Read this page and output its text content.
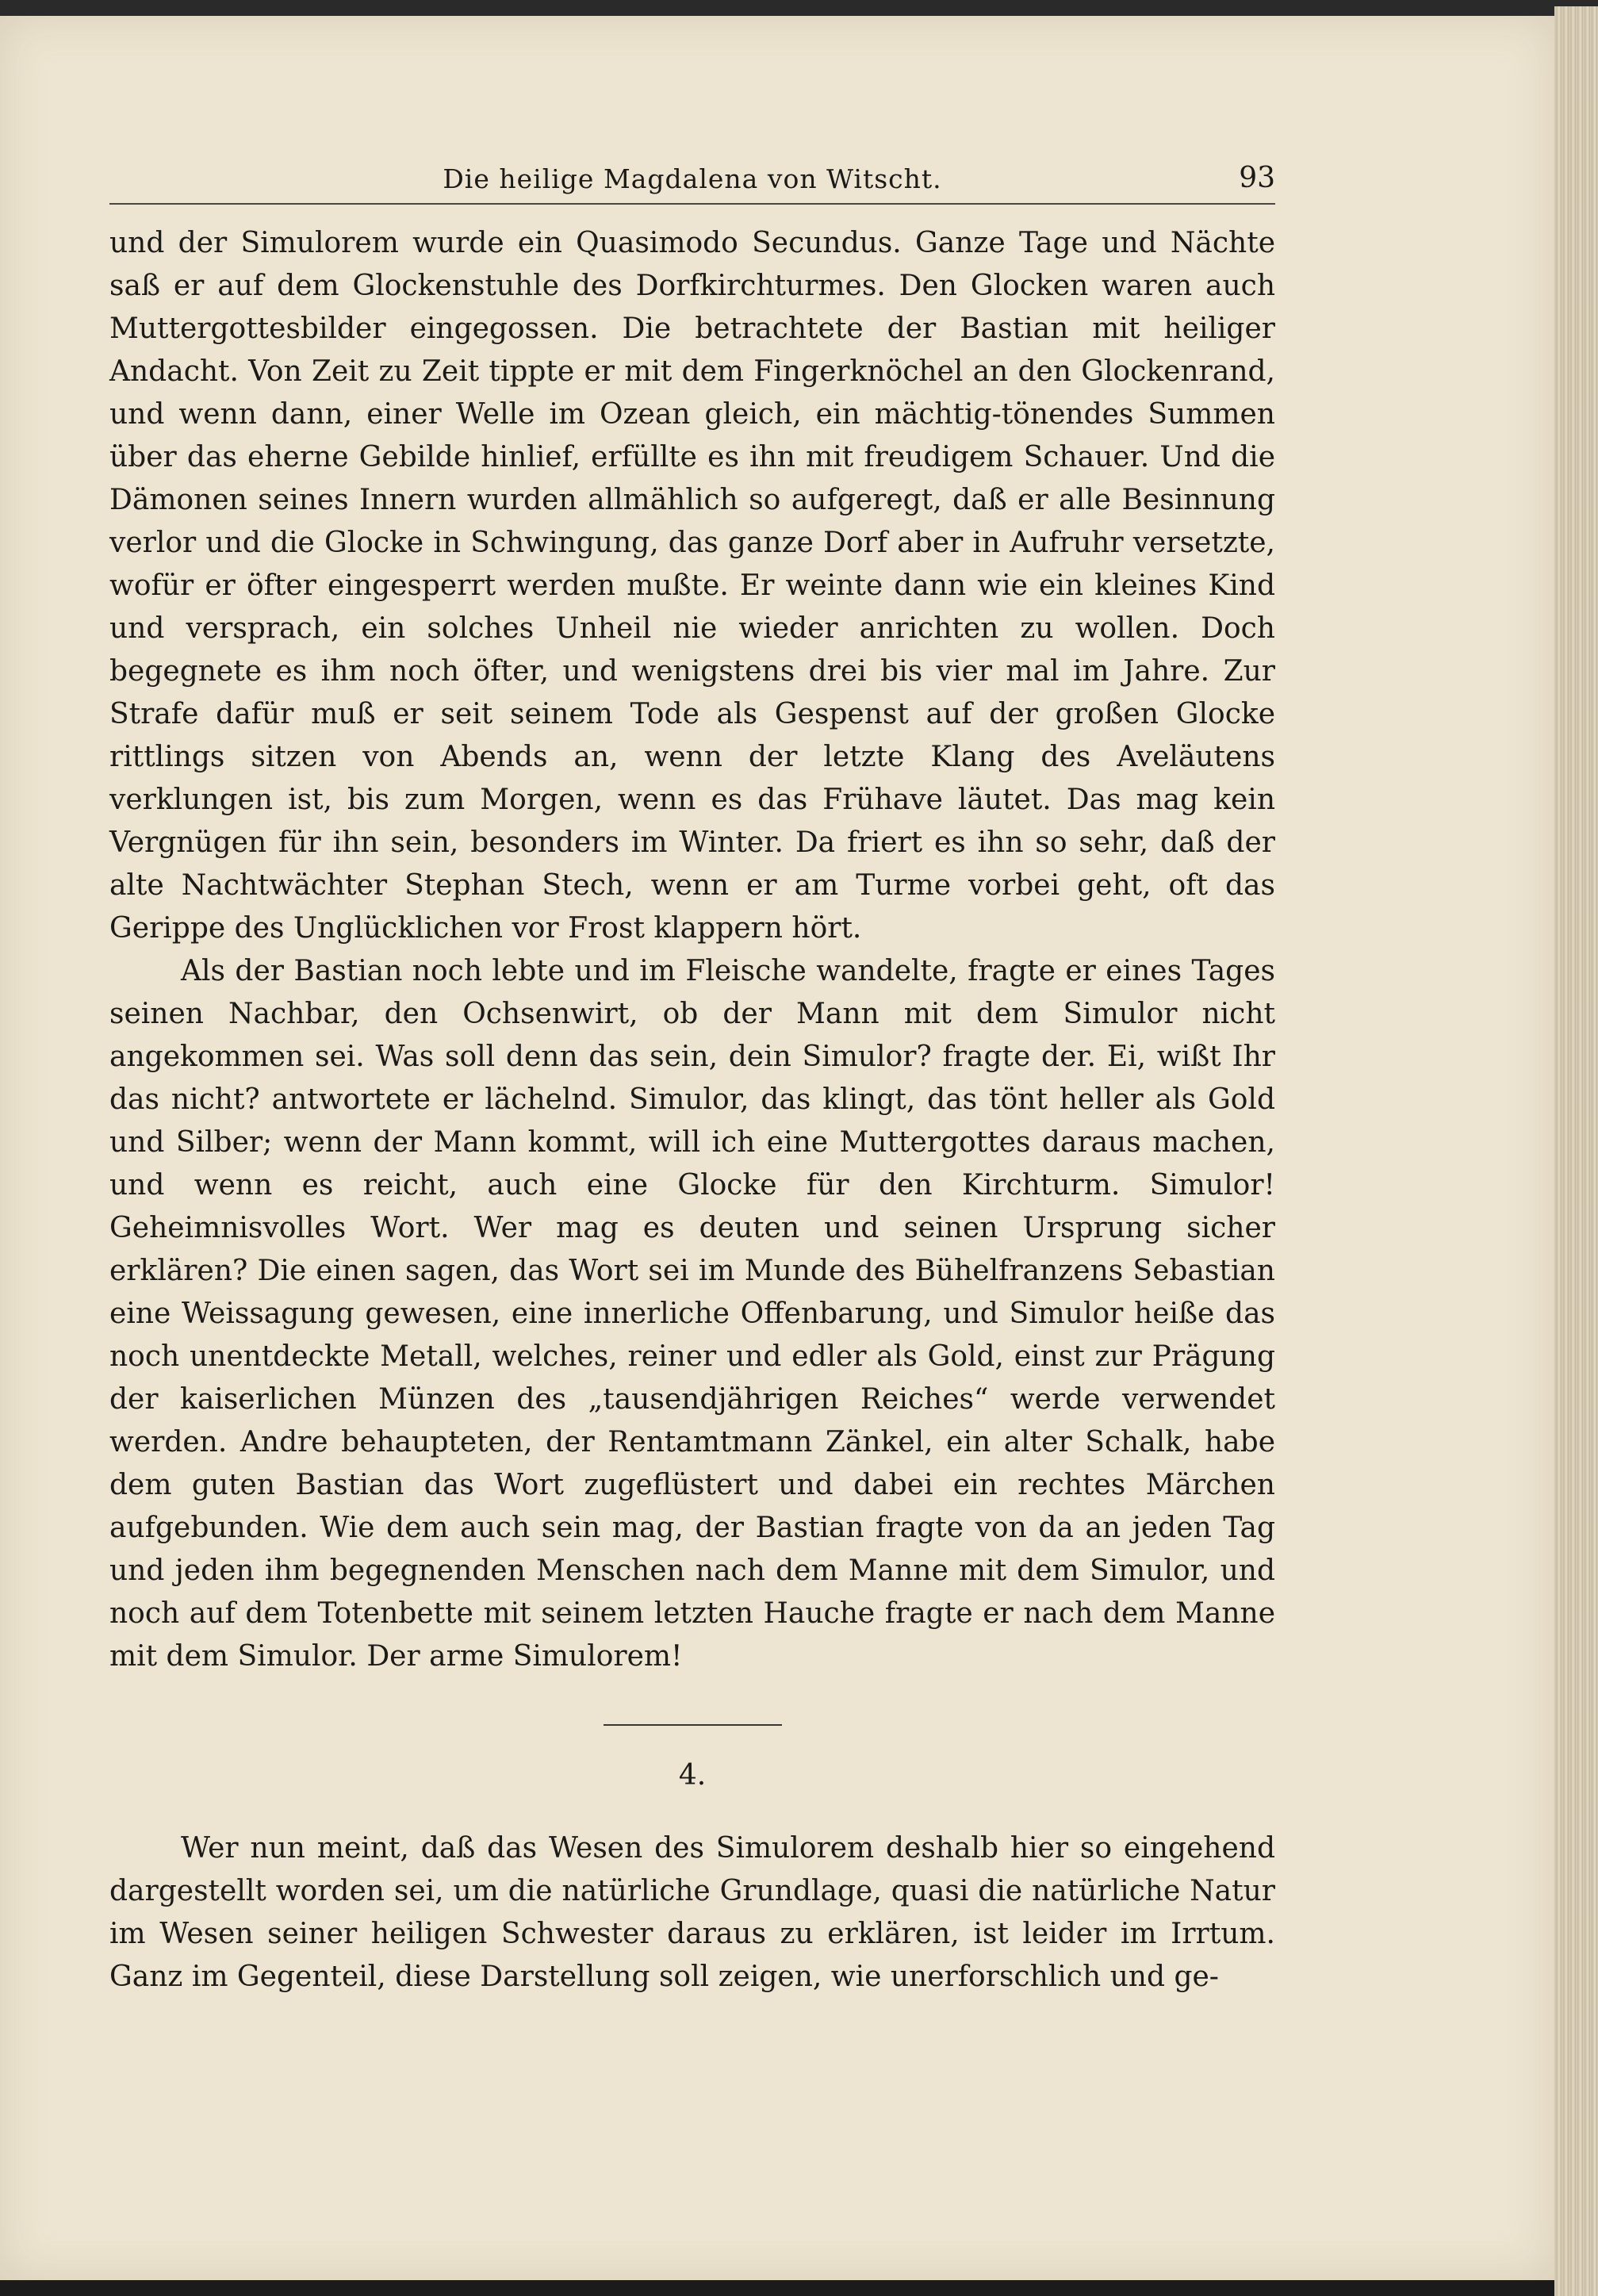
Die heilige Magdalena von Witscht.	93

und der Simulorem wurde ein Quasimodo Secundus. Ganze Tage und Nächte saß er auf dem Glockenstuhle des Dorfkirchturmes. Den Glocken waren auch Muttergottesbilder eingegossen. Die betrachtete der Bastian mit heiliger Andacht. Von Zeit zu Zeit tippte er mit dem Fingerknöchel an den Glockenrand, und wenn dann, einer Welle im Ozean gleich, ein mächtig-tönendes Summen über das eherne Gebilde hinlief, erfüllte es ihn mit freudigem Schauer. Und die Dämonen seines Innern wurden allmählich so aufgeregt, daß er alle Besinnung verlor und die Glocke in Schwingung, das ganze Dorf aber in Aufruhr versetzte, wofür er öfter eingesperrt werden mußte. Er weinte dann wie ein kleines Kind und versprach, ein solches Unheil nie wieder anrichten zu wollen. Doch begegnete es ihm noch öfter, und wenigstens drei bis vier mal im Jahre. Zur Strafe dafür muß er seit seinem Tode als Gespenst auf der großen Glocke rittlings sitzen von Abends an, wenn der letzte Klang des Aveläutens verklungen ist, bis zum Morgen, wenn es das Frühave läutet. Das mag kein Vergnügen für ihn sein, besonders im Winter. Da friert es ihn so sehr, daß der alte Nachtwächter Stephan Stech, wenn er am Turme vorbei geht, oft das Gerippe des Unglücklichen vor Frost klappern hört.

Als der Bastian noch lebte und im Fleische wandelte, fragte er eines Tages seinen Nachbar, den Ochsenwirt, ob der Mann mit dem Simulor nicht angekommen sei. Was soll denn das sein, dein Simulor? fragte der. Ei, wißt Ihr das nicht? antwortete er lächelnd. Simulor, das klingt, das tönt heller als Gold und Silber; wenn der Mann kommt, will ich eine Muttergottes daraus machen, und wenn es reicht, auch eine Glocke für den Kirchturm. Simulor! Geheimnisvolles Wort. Wer mag es deuten und seinen Ursprung sicher erklären? Die einen sagen, das Wort sei im Munde des Bühelfranzens Sebastian eine Weissagung gewesen, eine innerliche Offenbarung, und Simulor heiße das noch unentdeckte Metall, welches, reiner und edler als Gold, einst zur Prägung der kaiserlichen Münzen des „tausendjährigen Reiches“ werde verwendet werden. Andre behaupteten, der Rentamtmann Zänkel, ein alter Schalk, habe dem guten Bastian das Wort zugeflüstert und dabei ein rechtes Märchen aufgebunden. Wie dem auch sein mag, der Bastian fragte von da an jeden Tag und jeden ihm begegnenden Menschen nach dem Manne mit dem Simulor, und noch auf dem Totenbette mit seinem letzten Hauche fragte er nach dem Manne mit dem Simulor. Der arme Simulorem!

4.

Wer nun meint, daß das Wesen des Simulorem deshalb hier so eingehend dargestellt worden sei, um die natürliche Grundlage, quasi die natürliche Natur im Wesen seiner heiligen Schwester daraus zu erklären, ist leider im Irrtum. Ganz im Gegenteil, diese Darstellung soll zeigen, wie unerforschlich und ge-
